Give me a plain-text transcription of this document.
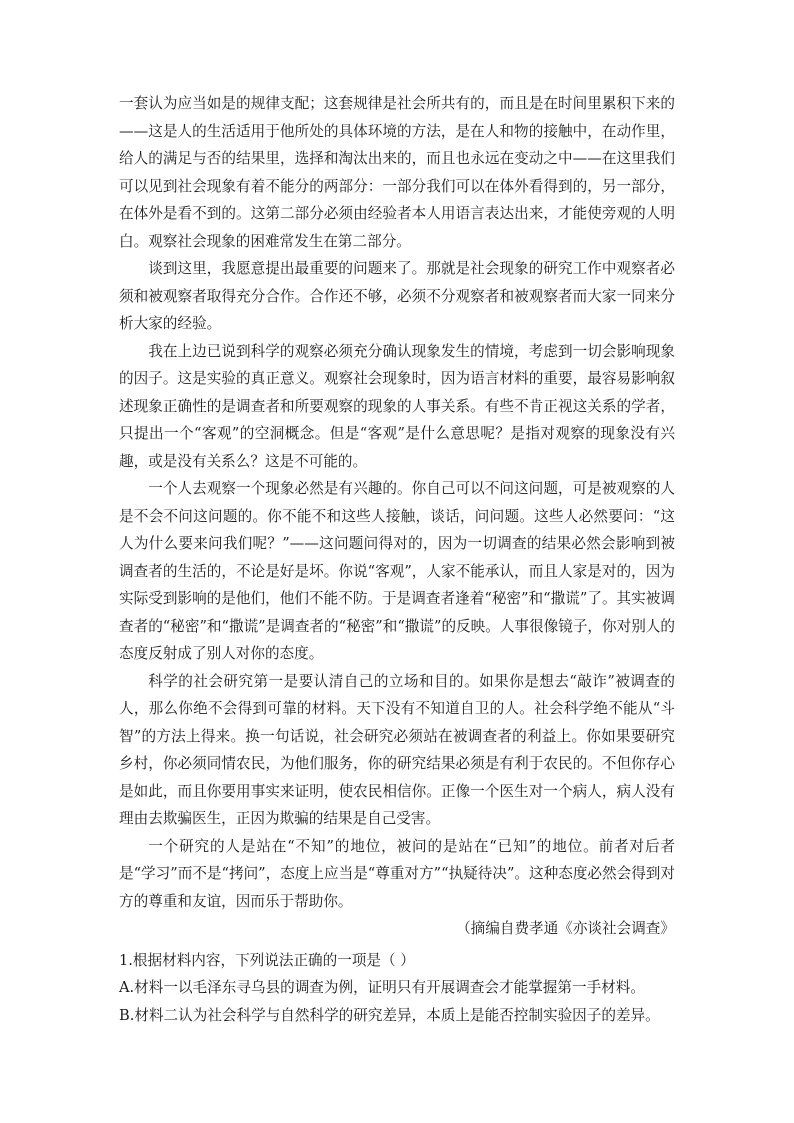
一套认为应当如是的规律支配；这套规律是社会所共有的，而且是在时间里累积下来的——这是人的生活适用于他所处的具体环境的方法，是在人和物的接触中，在动作里，给人的满足与否的结果里，选择和淘汰出来的，而且也永远在变动之中——在这里我们可以见到社会现象有着不能分的两部分：一部分我们可以在体外看得到的，另一部分，在体外是看不到的。这第二部分必须由经验者本人用语言表达出来，才能使旁观的人明白。观察社会现象的困难常发生在第二部分。

谈到这里，我愿意提出最重要的问题来了。那就是社会现象的研究工作中观察者必须和被观察者取得充分合作。合作还不够，必须不分观察者和被观察者而大家一同来分析大家的经验。

我在上边已说到科学的观察必须充分确认现象发生的情境，考虑到一切会影响现象的因子。这是实验的真正意义。观察社会现象时，因为语言材料的重要，最容易影响叙述现象正确性的是调查者和所要观察的现象的人事关系。有些不肯正视这关系的学者，只提出一个“客观”的空洞概念。但是“客观”是什么意思呢？是指对观察的现象没有兴趣，或是没有关系么？这是不可能的。

一个人去观察一个现象必然是有兴趣的。你自己可以不问这问题，可是被观察的人是不会不问这问题的。你不能不和这些人接触，谈话，问问题。这些人必然要问：“这人为什么要来问我们呢？”——这问题问得对的，因为一切调查的结果必然会影响到被调查者的生活的，不论是好是坏。你说“客观”，人家不能承认，而且人家是对的，因为实际受到影响的是他们，他们不能不防。于是调查者逢着“秘密”和“撒谎”了。其实被调查者的“秘密”和“撒谎”是调查者的“秘密”和“撒谎”的反映。人事很像镜子，你对别人的态度反射成了别人对你的态度。

科学的社会研究第一是要认清自己的立场和目的。如果你是想去“敲诈”被调查的人，那么你绝不会得到可靠的材料。天下没有不知道自卫的人。社会科学绝不能从“斗智”的方法上得来。换一句话说，社会研究必须站在被调查者的利益上。你如果要研究乡村，你必须同情农民，为他们服务，你的研究结果必须是有利于农民的。不但你存心是如此，而且你要用事实来证明，使农民相信你。正像一个医生对一个病人，病人没有理由去欺骗医生，正因为欺骗的结果是自己受害。

一个研究的人是站在“不知”的地位，被问的是站在“已知”的地位。前者对后者是“学习”而不是“拷问”，态度上应当是“尊重对方”“执疑待决”。这种态度必然会得到对方的尊重和友谊，因而乐于帮助你。

（摘编自费孝通《亦谈社会调查》

1.根据材料内容，下列说法正确的一项是（ ）

A.材料一以毛泽东寻乌县的调查为例，证明只有开展调查会才能掌握第一手材料。

B.材料二认为社会科学与自然科学的研究差异，本质上是能否控制实验因子的差异。
